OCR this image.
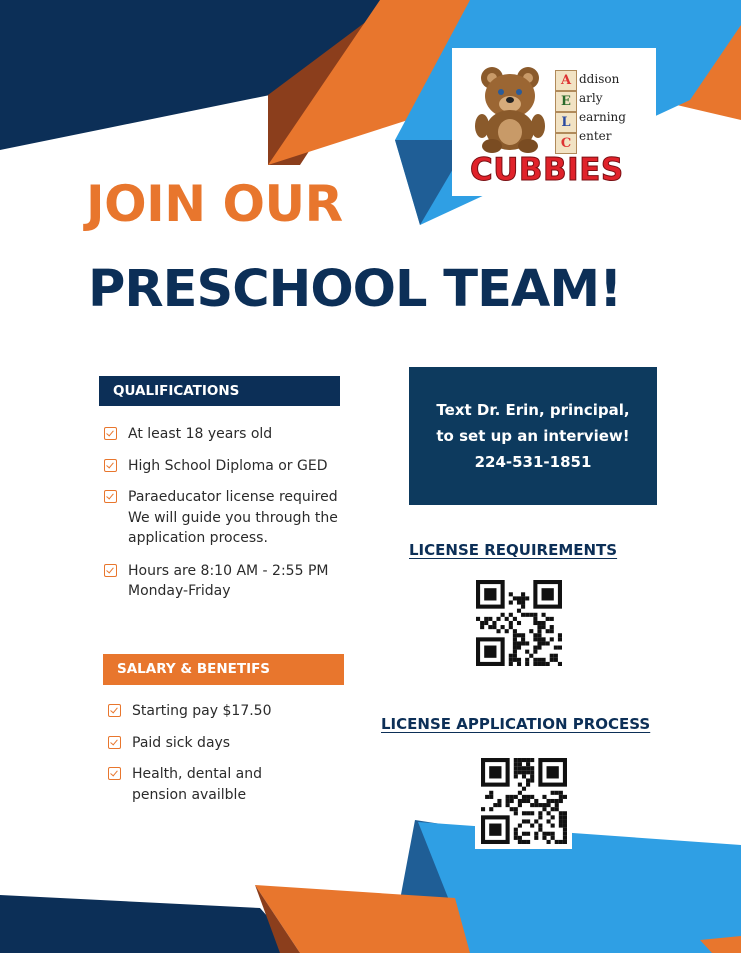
A
E
L
C
ddison
arly
earning
enter
CUBBIES
JOIN OUR
PRESCHOOL TEAM!
QUALIFICATIONS
At least 18 years old
High School Diploma or GED
Paraeducator license required
We will guide you through the
application process.
Hours are 8:10 AM - 2:55 PM
Monday-Friday
SALARY & BENETIFS
Starting pay $17.50
Paid sick days
Health, dental and
pension availble
Text Dr. Erin, principal,
to set up an interview!
224-531-1851
LICENSE REQUIREMENTS
LICENSE APPLICATION PROCESS
